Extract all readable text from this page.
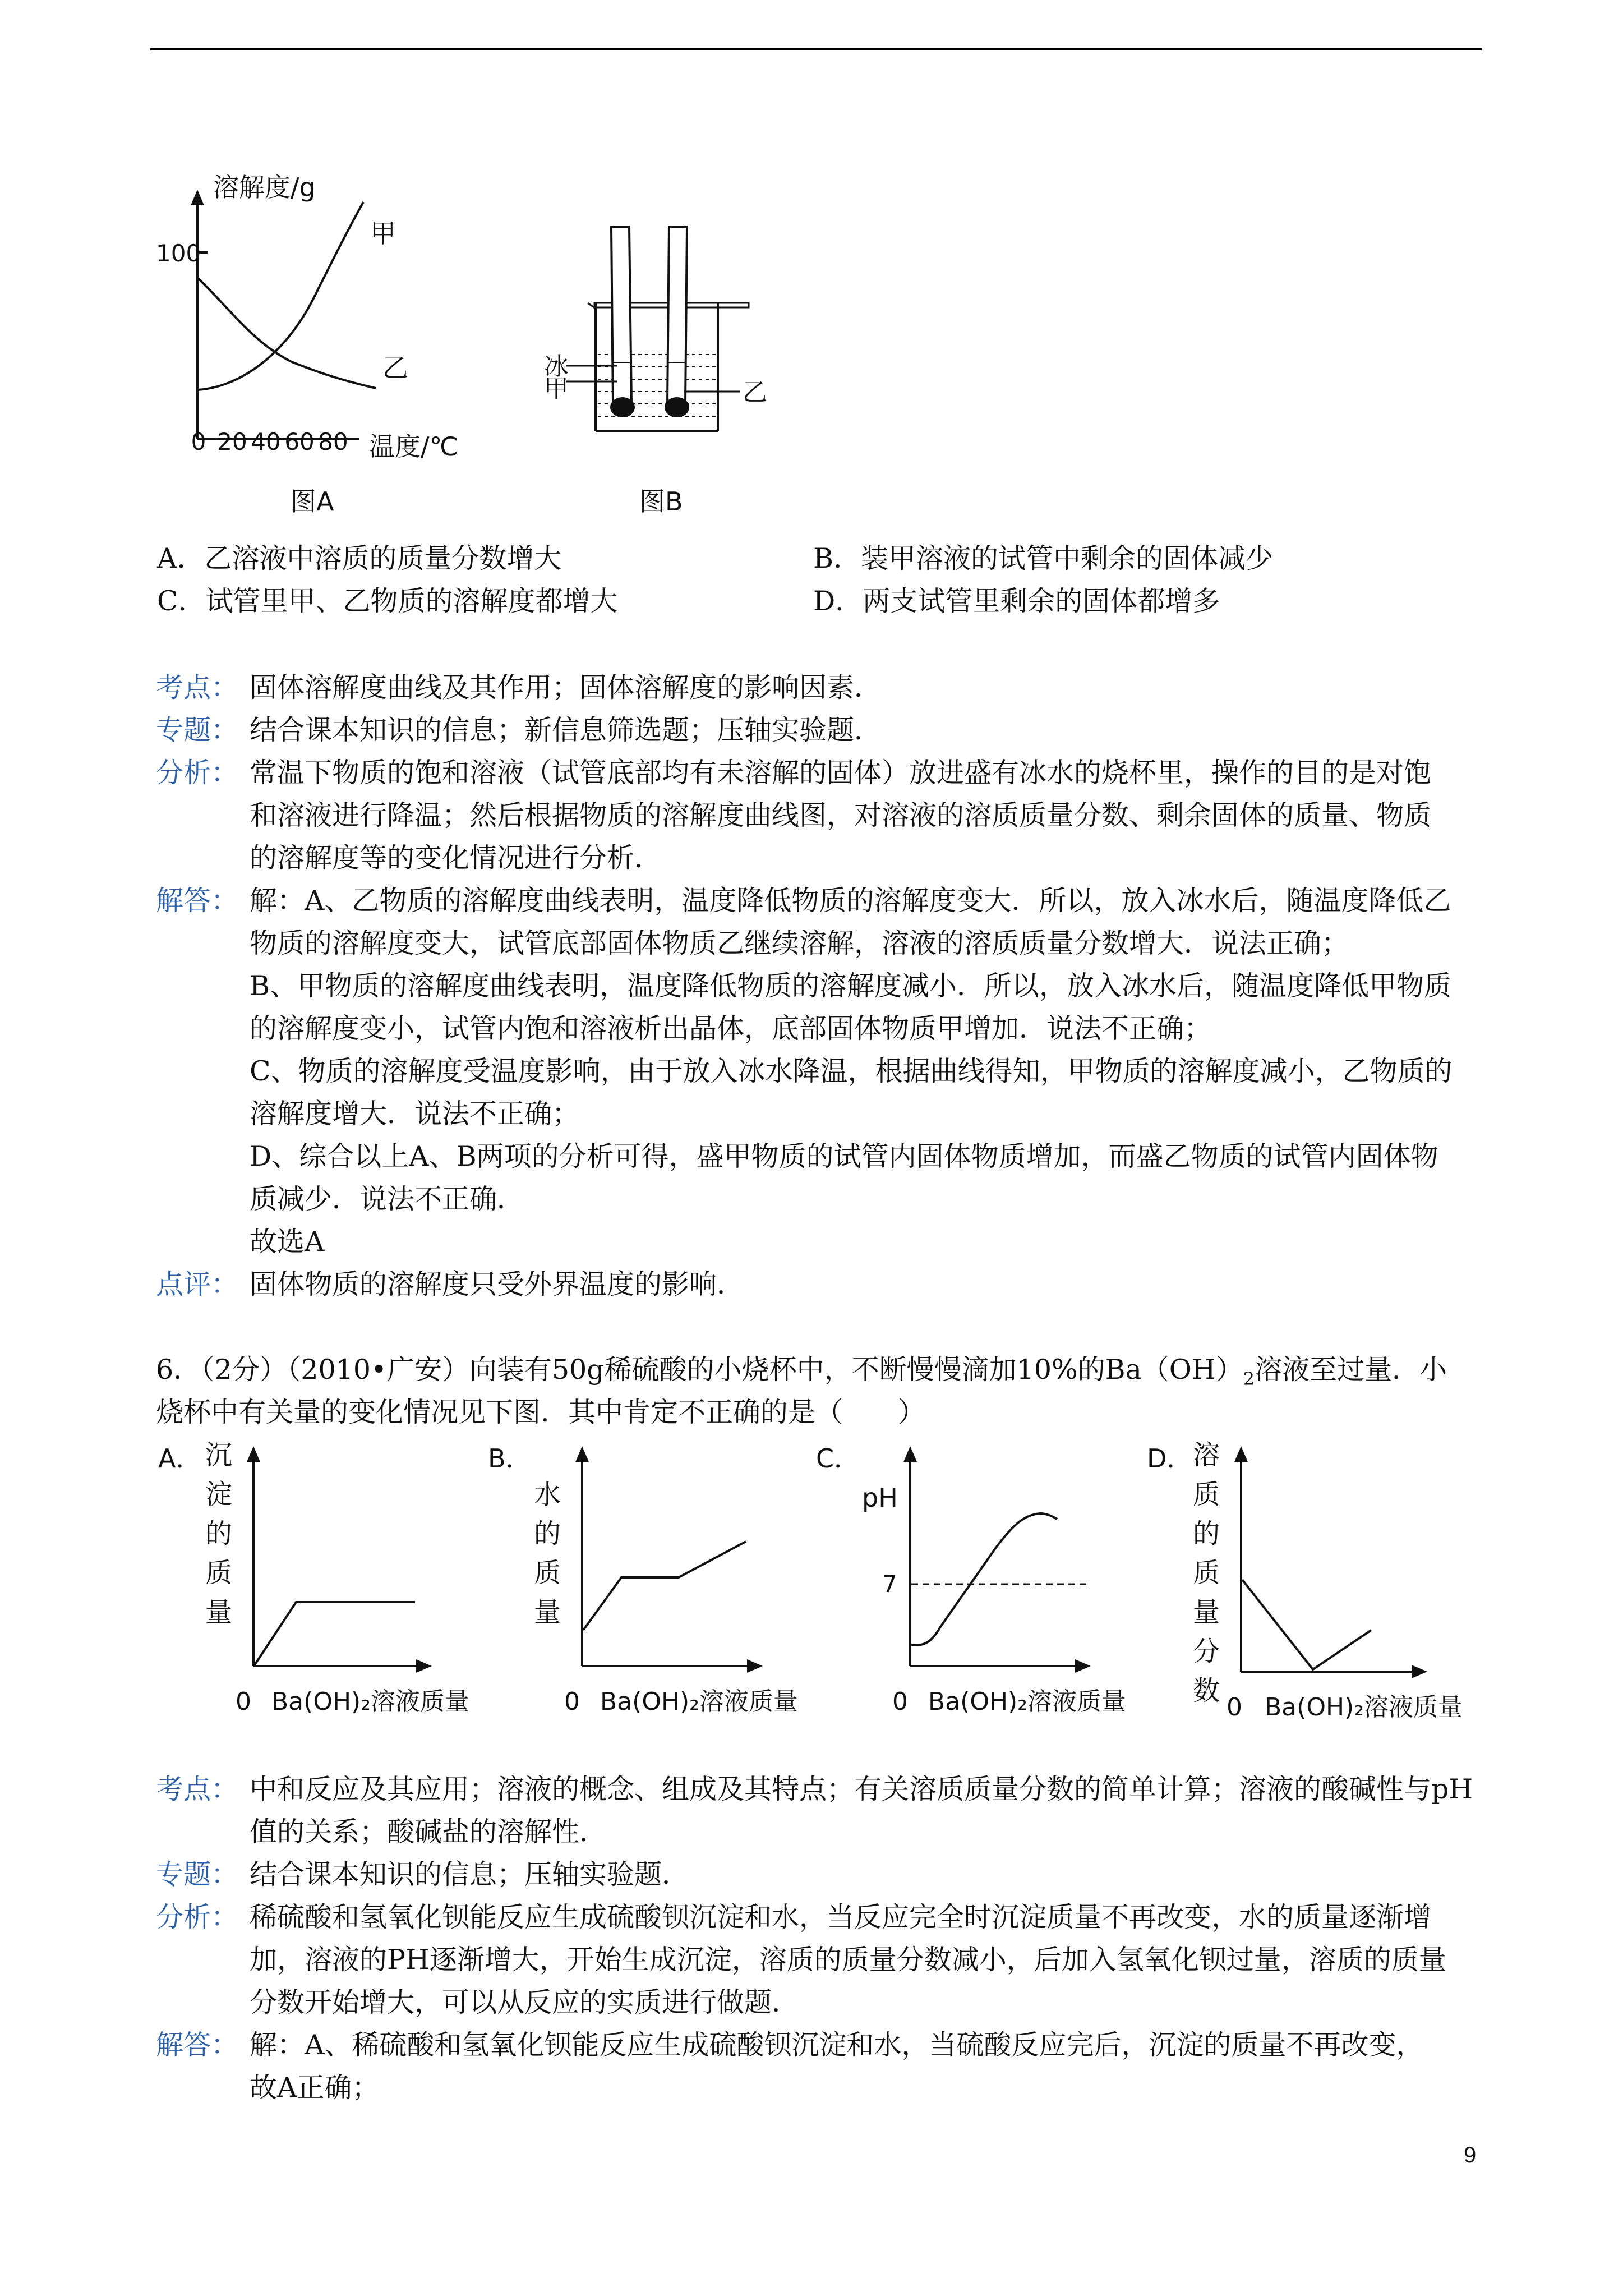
溶解度/g
100
甲
乙
0 20 40 60 80 温度/℃
图A
冰
甲	乙
图B
A．乙溶液中溶质的质量分数增大	B．装甲溶液的试管中剩余的固体减少
C．试管里甲、乙物质的溶解度都增大	D．两支试管里剩余的固体都增多
考点： 固体溶解度曲线及其作用；固体溶解度的影响因素．
专题： 结合课本知识的信息；新信息筛选题；压轴实验题．
分析： 常温下物质的饱和溶液（试管底部均有未溶解的固体）放进盛有冰水的烧杯里，操作的目的是对饱
和溶液进行降温；然后根据物质的溶解度曲线图，对溶液的溶质质量分数、剩余固体的质量、物质
的溶解度等的变化情况进行分析．
解答： 解：A、乙物质的溶解度曲线表明，温度降低物质的溶解度变大．所以，放入冰水后，随温度降低乙
物质的溶解度变大，试管底部固体物质乙继续溶解，溶液的溶质质量分数增大．说法正确；
B、甲物质的溶解度曲线表明，温度降低物质的溶解度减小．所以，放入冰水后，随温度降低甲物质
的溶解度变小，试管内饱和溶液析出晶体，底部固体物质甲增加．说法不正确；
C、物质的溶解度受温度影响，由于放入冰水降温，根据曲线得知，甲物质的溶解度减小，乙物质的
溶解度增大．说法不正确；
D、综合以上A、B两项的分析可得，盛甲物质的试管内固体物质增加，而盛乙物质的试管内固体物
质减少．说法不正确．
故选A
点评： 固体物质的溶解度只受外界温度的影响．
6．（2分）（2010•广安）向装有50g稀硫酸的小烧杯中，不断慢慢滴加10%的$Ba(OH)_2$溶液至过量．小
烧杯中有关量的变化情况见下图．其中肯定不正确的是（　　）
A． 沉
淀
的
质
量
0 Ba(OH)₂溶液质量
B．
水
的
质
量
0 Ba(OH)₂溶液质量
C．
pH
7
0 Ba(OH)₂溶液质量
D． 溶
质
的
质
量
分
数
0 Ba(OH)₂溶液质量
考点： 中和反应及其应用；溶液的概念、组成及其特点；有关溶质质量分数的简单计算；溶液的酸碱性与pH
值的关系；酸碱盐的溶解性．
专题： 结合课本知识的信息；压轴实验题．
分析： 稀硫酸和氢氧化钡能反应生成硫酸钡沉淀和水，当反应完全时沉淀质量不再改变，水的质量逐渐增
加，溶液的PH逐渐增大，开始生成沉淀，溶质的质量分数减小，后加入氢氧化钡过量，溶质的质量
分数开始增大，可以从反应的实质进行做题．
解答： 解：A、稀硫酸和氢氧化钡能反应生成硫酸钡沉淀和水，当硫酸反应完后，沉淀的质量不再改变，
故A正确；
9
